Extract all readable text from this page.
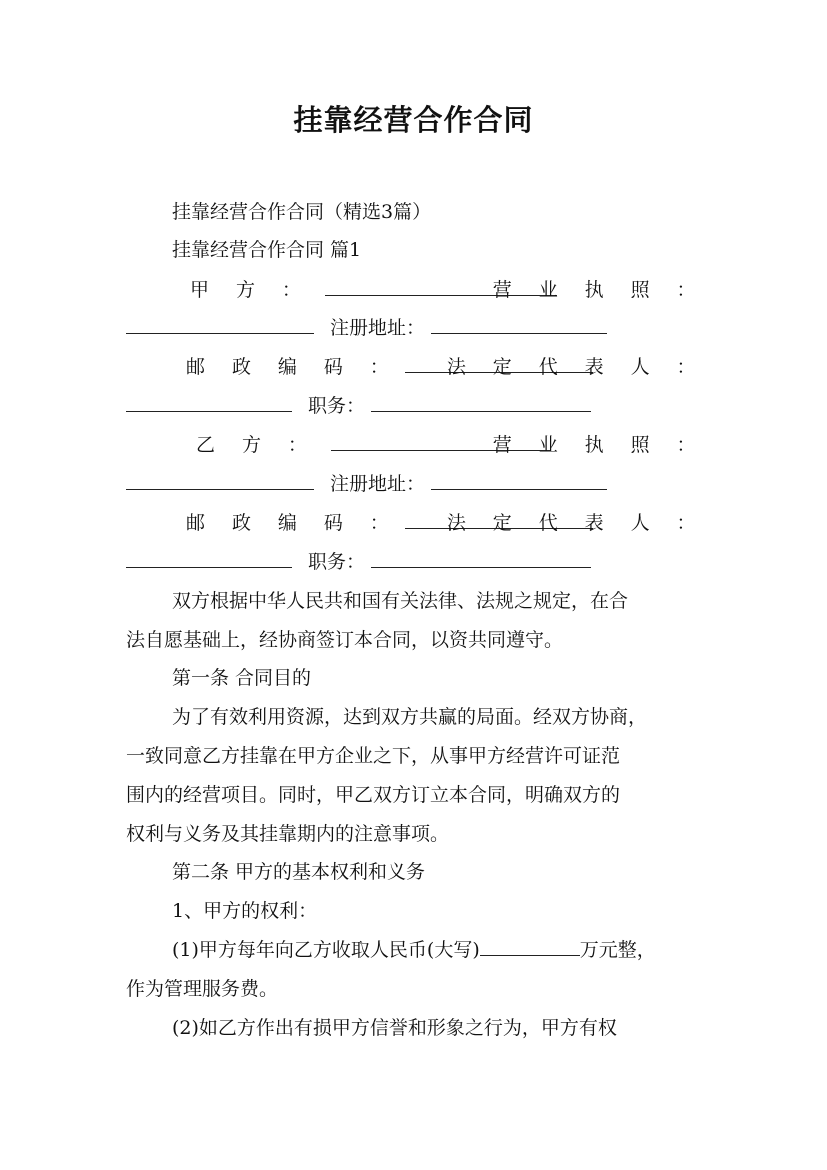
挂靠经营合作合同
挂靠经营合作合同（精选3篇）
挂靠经营合作合同 篇1
甲 方 ：	营 业 执 照 ：
注册地址：
邮 政 编 码 ：	法 定 代 表 人 ：
职务：
乙 方 ：	营 业 执 照 ：
注册地址：
邮 政 编 码 ：	法 定 代 表 人 ：
职务：
双方根据中华人民共和国有关法律、法规之规定，在合
法自愿基础上，经协商签订本合同，以资共同遵守。
第一条 合同目的
为了有效利用资源，达到双方共赢的局面。经双方协商，
一致同意乙方挂靠在甲方企业之下，从事甲方经营许可证范
围内的经营项目。同时，甲乙双方订立本合同，明确双方的
权利与义务及其挂靠期内的注意事项。
第二条 甲方的基本权利和义务
1、甲方的权利：
(1)甲方每年向乙方收取人民币(大写)	万元整，
作为管理服务费。
(2)如乙方作出有损甲方信誉和形象之行为，甲方有权
